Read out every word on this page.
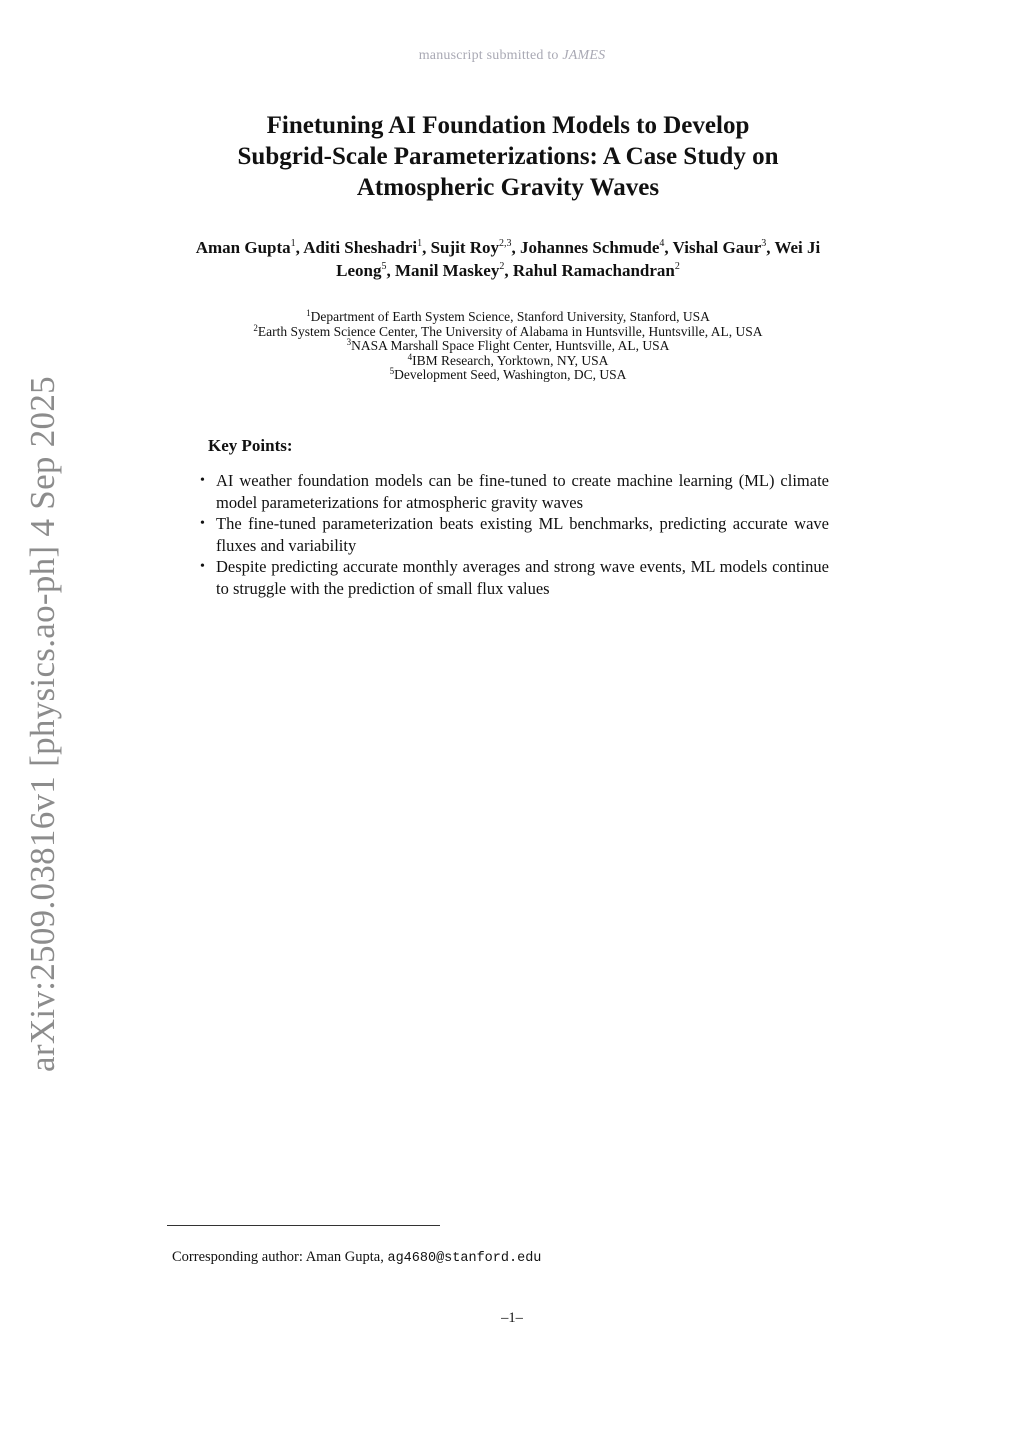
manuscript submitted to JAMES
arXiv:2509.03816v1 [physics.ao-ph] 4 Sep 2025
Finetuning AI Foundation Models to Develop
Subgrid-Scale Parameterizations: A Case Study on
Atmospheric Gravity Waves
Aman Gupta$^1$, Aditi Sheshadri$^1$, Sujit Roy$^{2,3}$, Johannes Schmude$^4$, Vishal Gaur$^3$, Wei Ji Leong$^5$, Manil Maskey$^2$, Rahul Ramachandran$^2$
$^1$Department of Earth System Science, Stanford University, Stanford, USA
$^2$Earth System Science Center, The University of Alabama in Huntsville, Huntsville, AL, USA
$^3$NASA Marshall Space Flight Center, Huntsville, AL, USA
$^4$IBM Research, Yorktown, NY, USA
$^5$Development Seed, Washington, DC, USA
Key Points:
• AI weather foundation models can be fine-tuned to create machine learning (ML) climate model parameterizations for atmospheric gravity waves
• The fine-tuned parameterization beats existing ML benchmarks, predicting accurate wave fluxes and variability
• Despite predicting accurate monthly averages and strong wave events, ML models continue to struggle with the prediction of small flux values
Corresponding author: Aman Gupta, ag4680@stanford.edu
–1–
